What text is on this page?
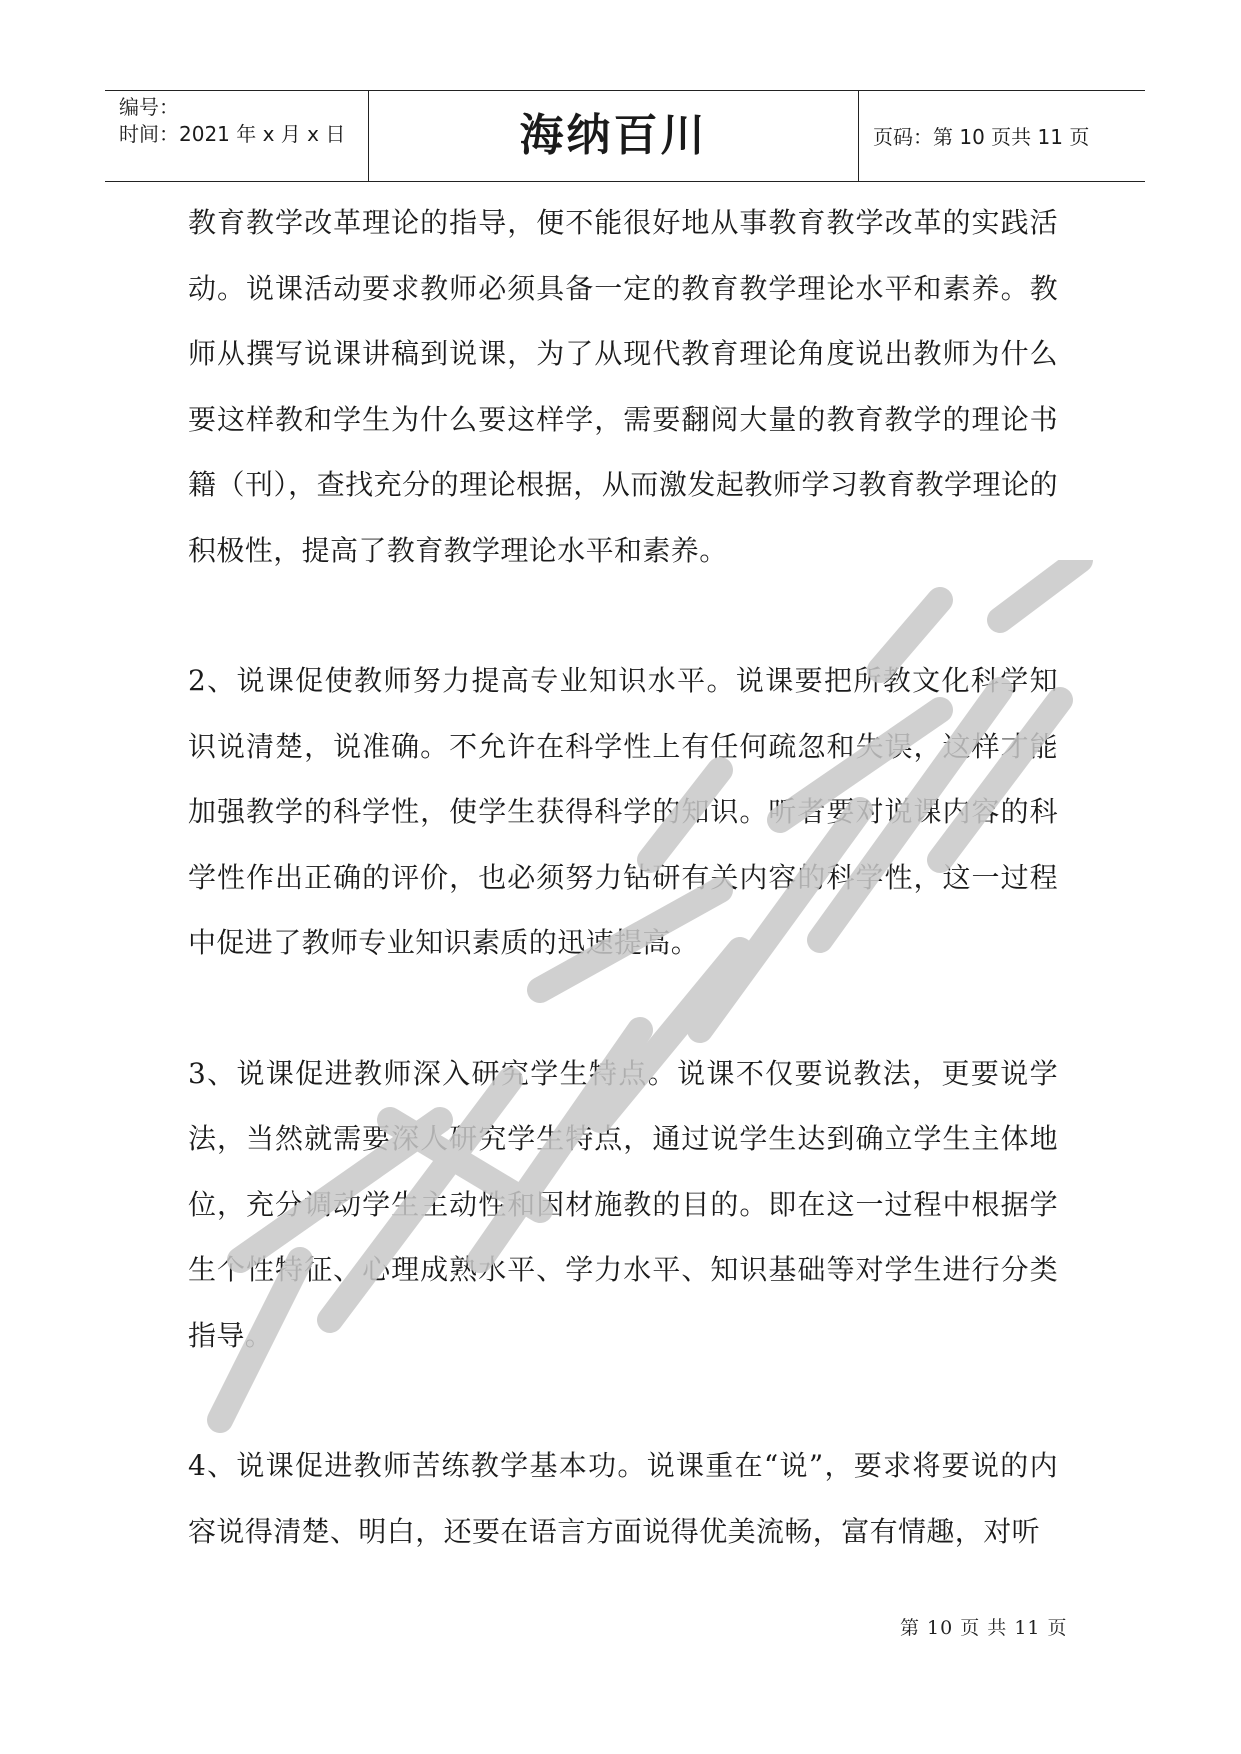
编号：
时间：2021 年 x 月 x 日	海纳百川	页码：第 10 页共 11 页

教育教学改革理论的指导，便不能很好地从事教育教学改革的实践活动。说课活动要求教师必须具备一定的教育教学理论水平和素养。教师从撰写说课讲稿到说课，为了从现代教育理论角度说出教师为什么要这样教和学生为什么要这样学，需要翻阅大量的教育教学的理论书籍（刊），查找充分的理论根据，从而激发起教师学习教育教学理论的积极性，提高了教育教学理论水平和素养。

2、说课促使教师努力提高专业知识水平。说课要把所教文化科学知识说清楚，说准确。不允许在科学性上有任何疏忽和失误，这样才能加强教学的科学性，使学生获得科学的知识。听者要对说课内容的科学性作出正确的评价，也必须努力钻研有关内容的科学性，这一过程中促进了教师专业知识素质的迅速提高。

3、说课促进教师深入研究学生特点。说课不仅要说教法，更要说学法，当然就需要深人研究学生特点，通过说学生达到确立学生主体地位，充分调动学生主动性和因材施教的目的。即在这一过程中根据学生个性特征、心理成熟水平、学力水平、知识基础等对学生进行分类指导。

4、说课促进教师苦练教学基本功。说课重在“说”，要求将要说的内容说得清楚、明白，还要在语言方面说得优美流畅，富有情趣，对听

第 10 页 共 11 页
